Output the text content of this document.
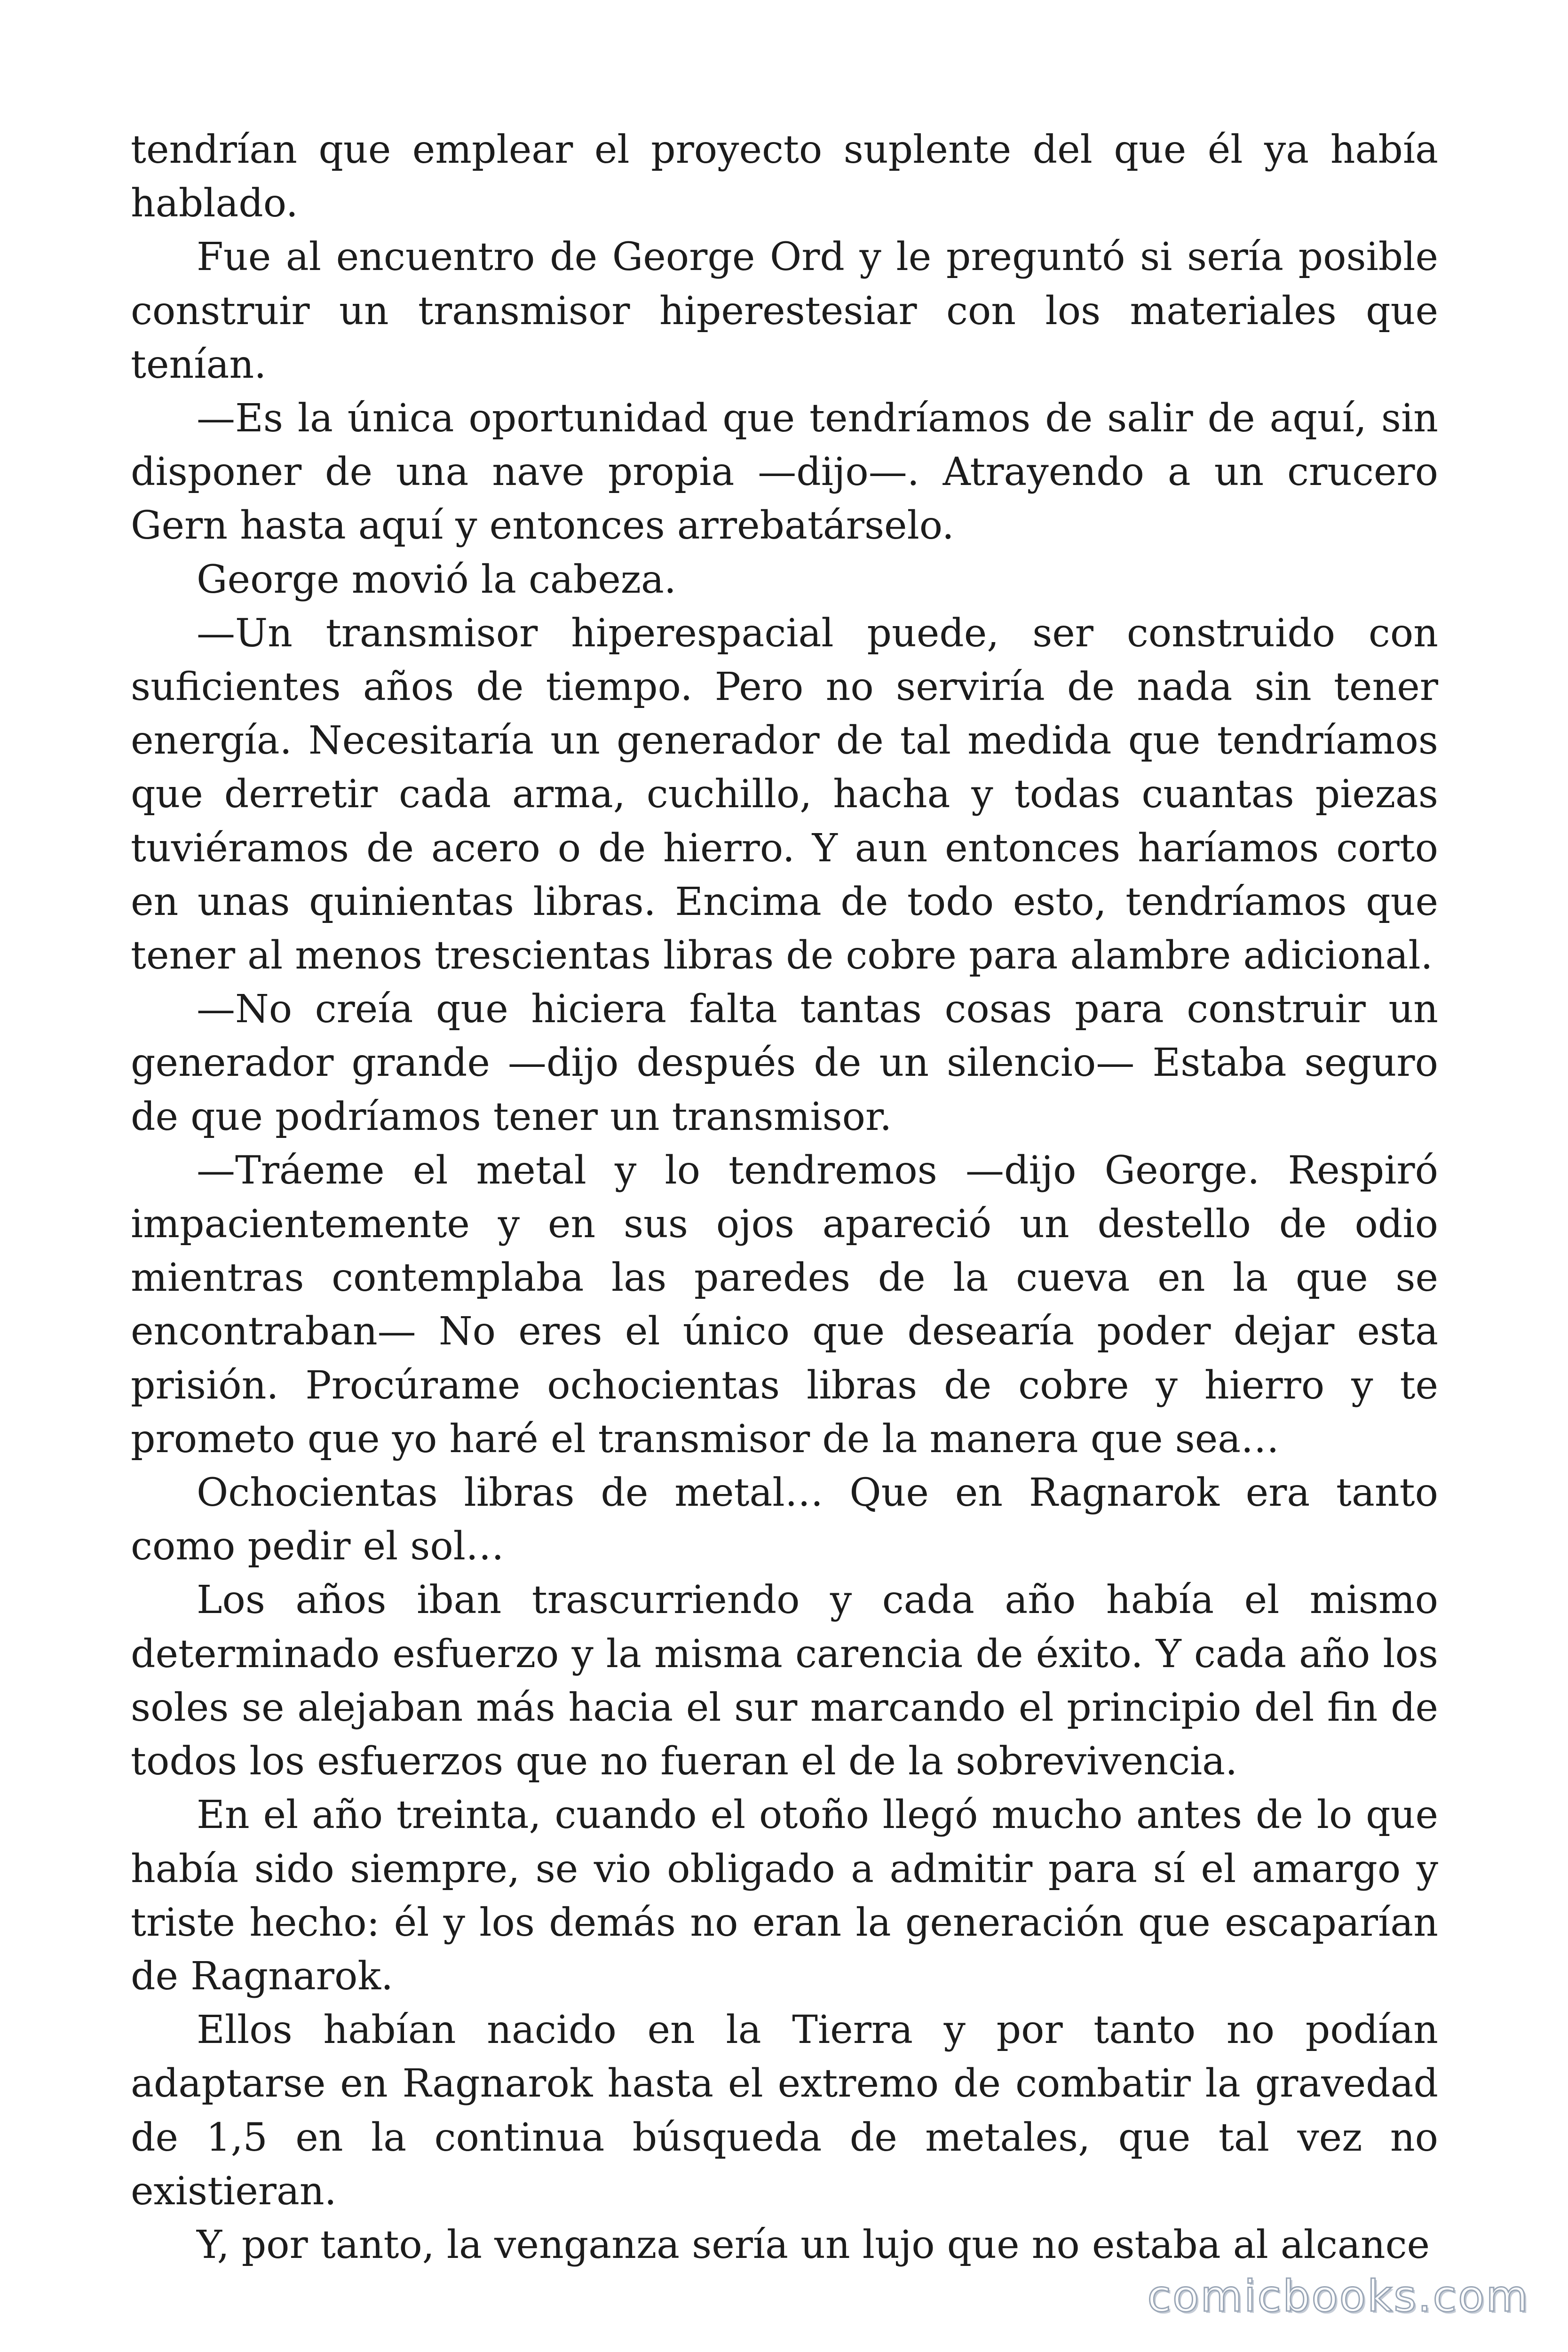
tendrían que emplear el proyecto suplente del que él ya había hablado.

Fue al encuentro de George Ord y le preguntó si sería posible construir un transmisor hiperestesiar con los materiales que tenían.

—Es la única oportunidad que tendríamos de salir de aquí, sin disponer de una nave propia —dijo—. Atrayendo a un crucero Gern hasta aquí y entonces arrebatárselo.

George movió la cabeza.

—Un transmisor hiperespacial puede, ser construido con suficientes años de tiempo. Pero no serviría de nada sin tener energía. Necesitaría un generador de tal medida que tendríamos que derretir cada arma, cuchillo, hacha y todas cuantas piezas tuviéramos de acero o de hierro. Y aun entonces haríamos corto en unas quinientas libras. Encima de todo esto, tendríamos que tener al menos trescientas libras de cobre para alambre adicional.

—No creía que hiciera falta tantas cosas para construir un generador grande —dijo después de un silencio— Estaba seguro de que podríamos tener un transmisor.

—Tráeme el metal y lo tendremos —dijo George. Respiró impacientemente y en sus ojos apareció un destello de odio mientras contemplaba las paredes de la cueva en la que se encontraban— No eres el único que desearía poder dejar esta prisión. Procúrame ochocientas libras de cobre y hierro y te prometo que yo haré el transmisor de la manera que sea…

Ochocientas libras de metal… Que en Ragnarok era tanto como pedir el sol…

Los años iban trascurriendo y cada año había el mismo determinado esfuerzo y la misma carencia de éxito. Y cada año los soles se alejaban más hacia el sur marcando el principio del fin de todos los esfuerzos que no fueran el de la sobrevivencia.

En el año treinta, cuando el otoño llegó mucho antes de lo que había sido siempre, se vio obligado a admitir para sí el amargo y triste hecho: él y los demás no eran la generación que escaparían de Ragnarok.

Ellos habían nacido en la Tierra y por tanto no podían adaptarse en Ragnarok hasta el extremo de combatir la gravedad de 1,5 en la continua búsqueda de metales, que tal vez no existieran.

Y, por tanto, la venganza sería un lujo que no estaba al alcance

comicbooks.com
